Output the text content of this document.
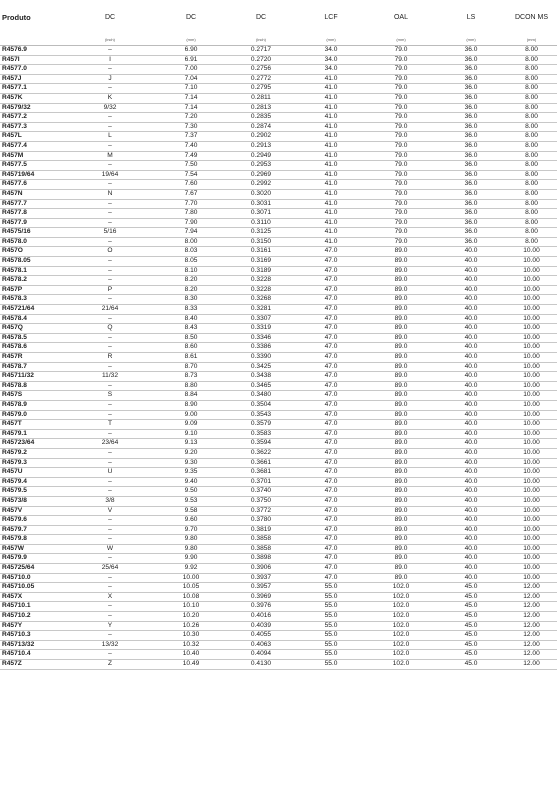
Produto	DC	DC	DC	LCF	OAL	LS	DCON MS
	(inch)	(mm)	(inch)	(mm)	(mm)	(mm)	(mm)
R4576.9	–	6.90	0.2717	34.0	79.0	36.0	8.00
R457I	I	6.91	0.2720	34.0	79.0	36.0	8.00
R4577.0	–	7.00	0.2756	34.0	79.0	36.0	8.00
R457J	J	7.04	0.2772	41.0	79.0	36.0	8.00
R4577.1	–	7.10	0.2795	41.0	79.0	36.0	8.00
R457K	K	7.14	0.2811	41.0	79.0	36.0	8.00
R4579/32	9/32	7.14	0.2813	41.0	79.0	36.0	8.00
R4577.2	–	7.20	0.2835	41.0	79.0	36.0	8.00
R4577.3	–	7.30	0.2874	41.0	79.0	36.0	8.00
R457L	L	7.37	0.2902	41.0	79.0	36.0	8.00
R4577.4	–	7.40	0.2913	41.0	79.0	36.0	8.00
R457M	M	7.49	0.2949	41.0	79.0	36.0	8.00
R4577.5	–	7.50	0.2953	41.0	79.0	36.0	8.00
R45719/64	19/64	7.54	0.2969	41.0	79.0	36.0	8.00
R4577.6	–	7.60	0.2992	41.0	79.0	36.0	8.00
R457N	N	7.67	0.3020	41.0	79.0	36.0	8.00
R4577.7	–	7.70	0.3031	41.0	79.0	36.0	8.00
R4577.8	–	7.80	0.3071	41.0	79.0	36.0	8.00
R4577.9	–	7.90	0.3110	41.0	79.0	36.0	8.00
R4575/16	5/16	7.94	0.3125	41.0	79.0	36.0	8.00
R4578.0	–	8.00	0.3150	41.0	79.0	36.0	8.00
R457O	O	8.03	0.3161	47.0	89.0	40.0	10.00
R4578.05	–	8.05	0.3169	47.0	89.0	40.0	10.00
R4578.1	–	8.10	0.3189	47.0	89.0	40.0	10.00
R4578.2	–	8.20	0.3228	47.0	89.0	40.0	10.00
R457P	P	8.20	0.3228	47.0	89.0	40.0	10.00
R4578.3	–	8.30	0.3268	47.0	89.0	40.0	10.00
R45721/64	21/64	8.33	0.3281	47.0	89.0	40.0	10.00
R4578.4	–	8.40	0.3307	47.0	89.0	40.0	10.00
R457Q	Q	8.43	0.3319	47.0	89.0	40.0	10.00
R4578.5	–	8.50	0.3346	47.0	89.0	40.0	10.00
R4578.6	–	8.60	0.3386	47.0	89.0	40.0	10.00
R457R	R	8.61	0.3390	47.0	89.0	40.0	10.00
R4578.7	–	8.70	0.3425	47.0	89.0	40.0	10.00
R45711/32	11/32	8.73	0.3438	47.0	89.0	40.0	10.00
R4578.8	–	8.80	0.3465	47.0	89.0	40.0	10.00
R457S	S	8.84	0.3480	47.0	89.0	40.0	10.00
R4578.9	–	8.90	0.3504	47.0	89.0	40.0	10.00
R4579.0	–	9.00	0.3543	47.0	89.0	40.0	10.00
R457T	T	9.09	0.3579	47.0	89.0	40.0	10.00
R4579.1	–	9.10	0.3583	47.0	89.0	40.0	10.00
R45723/64	23/64	9.13	0.3594	47.0	89.0	40.0	10.00
R4579.2	–	9.20	0.3622	47.0	89.0	40.0	10.00
R4579.3	–	9.30	0.3661	47.0	89.0	40.0	10.00
R457U	U	9.35	0.3681	47.0	89.0	40.0	10.00
R4579.4	–	9.40	0.3701	47.0	89.0	40.0	10.00
R4579.5	–	9.50	0.3740	47.0	89.0	40.0	10.00
R4573/8	3/8	9.53	0.3750	47.0	89.0	40.0	10.00
R457V	V	9.58	0.3772	47.0	89.0	40.0	10.00
R4579.6	–	9.60	0.3780	47.0	89.0	40.0	10.00
R4579.7	–	9.70	0.3819	47.0	89.0	40.0	10.00
R4579.8	–	9.80	0.3858	47.0	89.0	40.0	10.00
R457W	W	9.80	0.3858	47.0	89.0	40.0	10.00
R4579.9	–	9.90	0.3898	47.0	89.0	40.0	10.00
R45725/64	25/64	9.92	0.3906	47.0	89.0	40.0	10.00
R45710.0	–	10.00	0.3937	47.0	89.0	40.0	10.00
R45710.05	–	10.05	0.3957	55.0	102.0	45.0	12.00
R457X	X	10.08	0.3969	55.0	102.0	45.0	12.00
R45710.1	–	10.10	0.3976	55.0	102.0	45.0	12.00
R45710.2	–	10.20	0.4016	55.0	102.0	45.0	12.00
R457Y	Y	10.26	0.4039	55.0	102.0	45.0	12.00
R45710.3	–	10.30	0.4055	55.0	102.0	45.0	12.00
R45713/32	13/32	10.32	0.4063	55.0	102.0	45.0	12.00
R45710.4	–	10.40	0.4094	55.0	102.0	45.0	12.00
R457Z	Z	10.49	0.4130	55.0	102.0	45.0	12.00
